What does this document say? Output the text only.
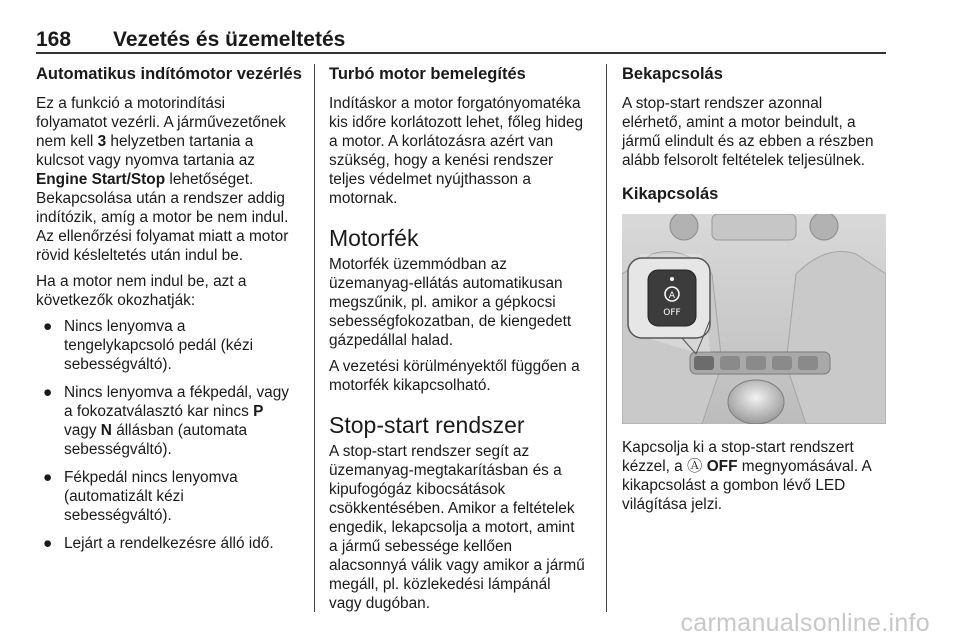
168 Vezetés és üzemeltetés
Automatikus indítómotor vezérlés

Ez a funkció a motorindítási
folyamatot vezérli. A járművezetőnek
nem kell 3 helyzetben tartania a
kulcsot vagy nyomva tartania az
Engine Start/Stop lehetőséget.
Bekapcsolása után a rendszer addig
indítózik, amíg a motor be nem indul.
Az ellenőrzési folyamat miatt a motor
rövid késleltetés után indul be.

Ha a motor nem indul be, azt a
következők okozhatják:

● Nincs lenyomva a
tengelykapcsoló pedál (kézi
sebességváltó).
● Nincs lenyomva a fékpedál, vagy
a fokozatválasztó kar nincs P
vagy N állásban (automata
sebességváltó).
● Fékpedál nincs lenyomva
(automatizált kézi
sebességváltó).
● Lejárt a rendelkezésre álló idő.
Turbó motor bemelegítés

Indításkor a motor forgatónyomatéka
kis időre korlátozott lehet, főleg hideg
a motor. A korlátozásra azért van
szükség, hogy a kenési rendszer
teljes védelmet nyújthasson a
motornak.

Motorfék

Motorfék üzemmódban az
üzemanyag-ellátás automatikusan
megszűnik, pl. amikor a gépkocsi
sebességfokozatban, de kiengedett
gázpedállal halad.

A vezetési körülményektől függően a
motorfék kikapcsolható.

Stop-start rendszer

A stop-start rendszer segít az
üzemanyag-megtakarításban és a
kipufogógáz kibocsátások
csökkentésében. Amikor a feltételek
engedik, lekapcsolja a motort, amint
a jármű sebessége kellően
alacsonnyá válik vagy amikor a jármű
megáll, pl. közlekedési lámpánál
vagy dugóban.

Bekapcsolás

A stop-start rendszer azonnal
elérhető, amint a motor beindult, a
jármű elindult és az ebben a részben
alább felsorolt feltételek teljesülnek.

Kikapcsolás
A
OFF

Kapcsolja ki a stop-start rendszert
kézzel, a Ⓐ OFF megnyomásával. A
kikapcsolást a gombon lévő LED
világítása jelzi.

carmanualsonline.info
